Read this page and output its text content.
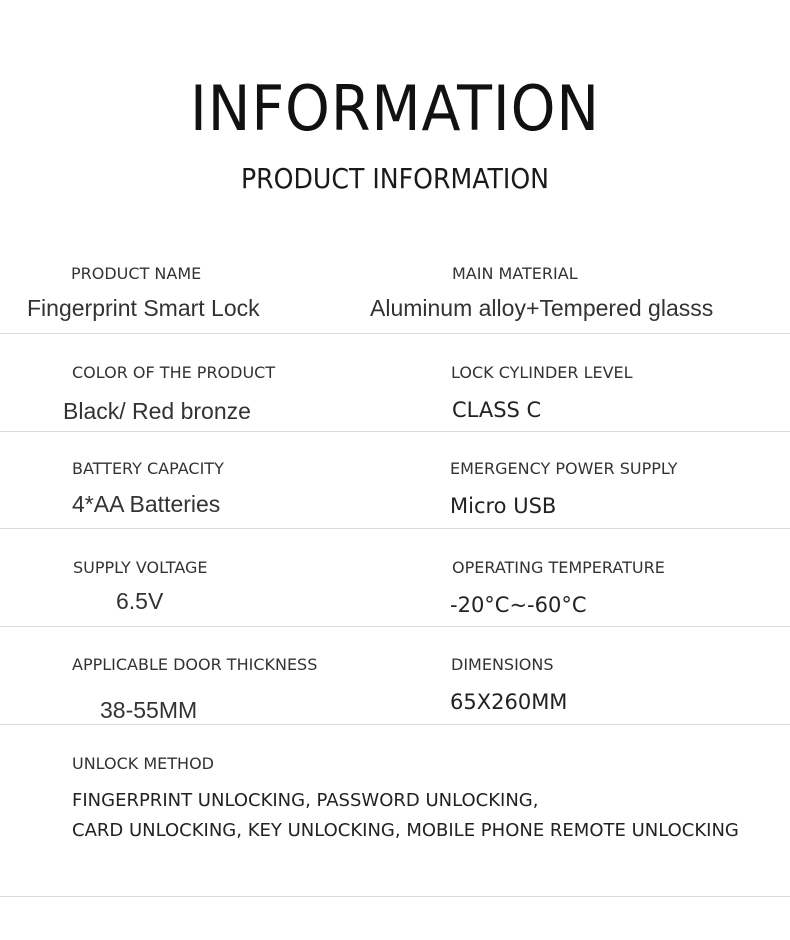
INFORMATION
PRODUCT INFORMATION
PRODUCT NAME
Fingerprint Smart Lock
MAIN MATERIAL
Aluminum alloy+Tempered glasss
COLOR OF THE PRODUCT
Black/ Red bronze
LOCK CYLINDER LEVEL
CLASS C
BATTERY CAPACITY
4*AA Batteries
EMERGENCY POWER SUPPLY
Micro USB
SUPPLY VOLTAGE
6.5V
OPERATING TEMPERATURE
-20°C~-60°C
APPLICABLE DOOR THICKNESS
38-55MM
DIMENSIONS
65X260MM
UNLOCK METHOD
FINGERPRINT UNLOCKING, PASSWORD UNLOCKING,
CARD UNLOCKING, KEY UNLOCKING, MOBILE PHONE REMOTE UNLOCKING
